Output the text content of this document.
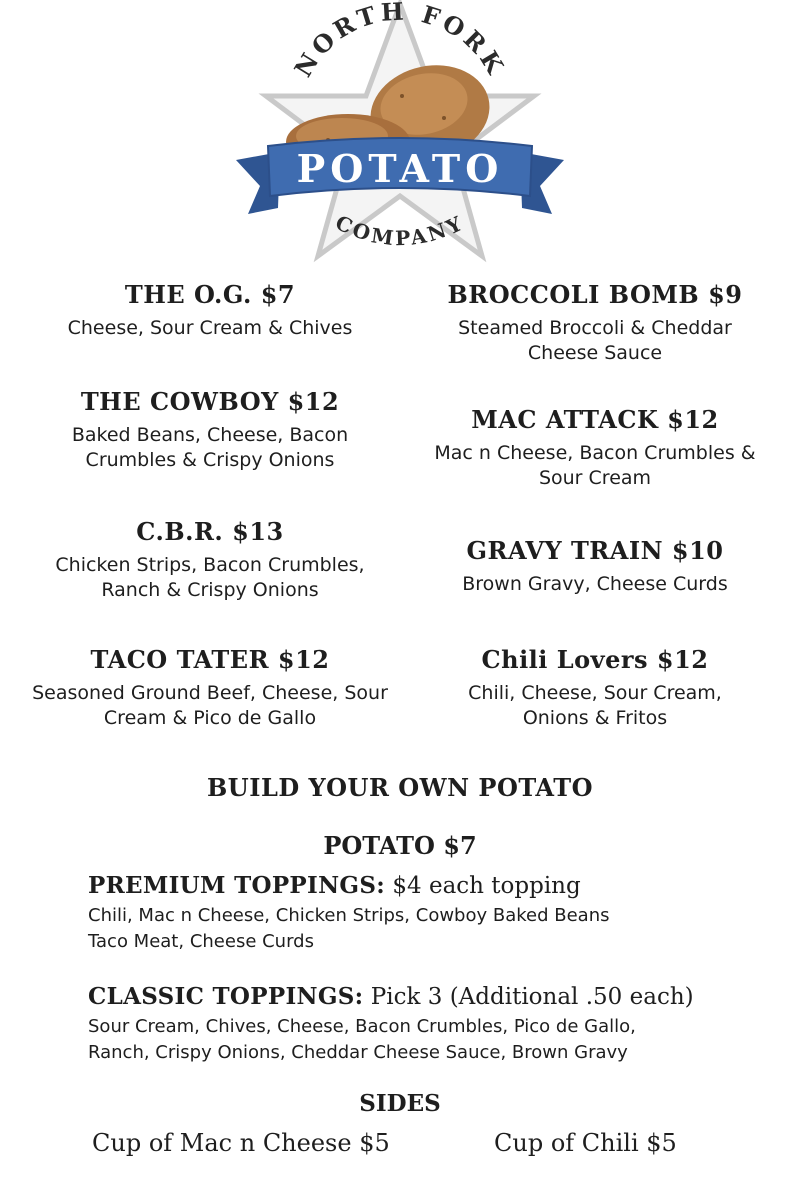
NORTH FORK
POTATO
COMPANY
THE O.G. $7
Cheese, Sour Cream & Chives
THE COWBOY $12
Baked Beans, Cheese, Bacon Crumbles & Crispy Onions
C.B.R. $13
Chicken Strips, Bacon Crumbles, Ranch & Crispy Onions
TACO TATER $12
Seasoned Ground Beef, Cheese, Sour Cream & Pico de Gallo
BROCCOLI BOMB $9
Steamed Broccoli & Cheddar Cheese Sauce
MAC ATTACK $12
Mac n Cheese, Bacon Crumbles & Sour Cream
GRAVY TRAIN $10
Brown Gravy, Cheese Curds
Chili Lovers $12
Chili, Cheese, Sour Cream, Onions & Fritos
BUILD YOUR OWN POTATO
POTATO $7
PREMIUM TOPPINGS: $4 each topping
Chili, Mac n Cheese, Chicken Strips, Cowboy Baked Beans
Taco Meat, Cheese Curds
CLASSIC TOPPINGS: Pick 3 (Additional .50 each)
Sour Cream, Chives, Cheese, Bacon Crumbles, Pico de Gallo,
Ranch, Crispy Onions, Cheddar Cheese Sauce, Brown Gravy
SIDES
Cup of Mac n Cheese $5	Cup of Chili $5
